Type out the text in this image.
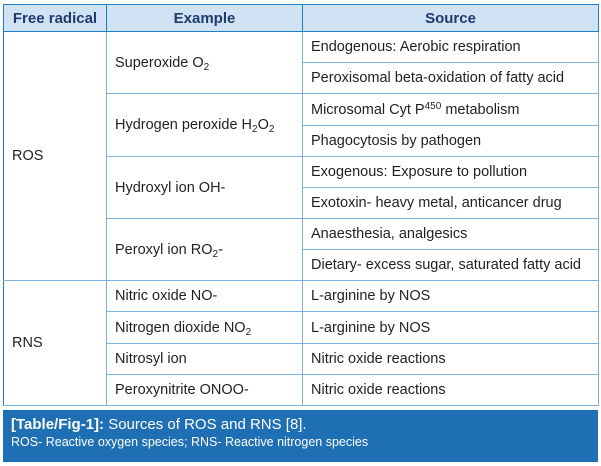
Free radical	Example	Source
ROS	Superoxide $O_2$	Endogenous: Aerobic respiration
		Peroxisomal beta-oxidation of fatty acid
	Hydrogen peroxide $H_2O_2$	Microsomal Cyt $P^{450}$ metabolism
		Phagocytosis by pathogen
	Hydroxyl ion OH-	Exogenous: Exposure to pollution
		Exotoxin- heavy metal, anticancer drug
	Peroxyl ion $RO_2-$	Anaesthesia, analgesics
		Dietary- excess sugar, saturated fatty acid
RNS	Nitric oxide NO-	L-arginine by NOS
	Nitrogen dioxide $NO_2$	L-arginine by NOS
	Nitrosyl ion	Nitric oxide reactions
	Peroxynitrite ONOO-	Nitric oxide reactions
[Table/Fig-1]: Sources of ROS and RNS [8].
ROS- Reactive oxygen species; RNS- Reactive nitrogen species
